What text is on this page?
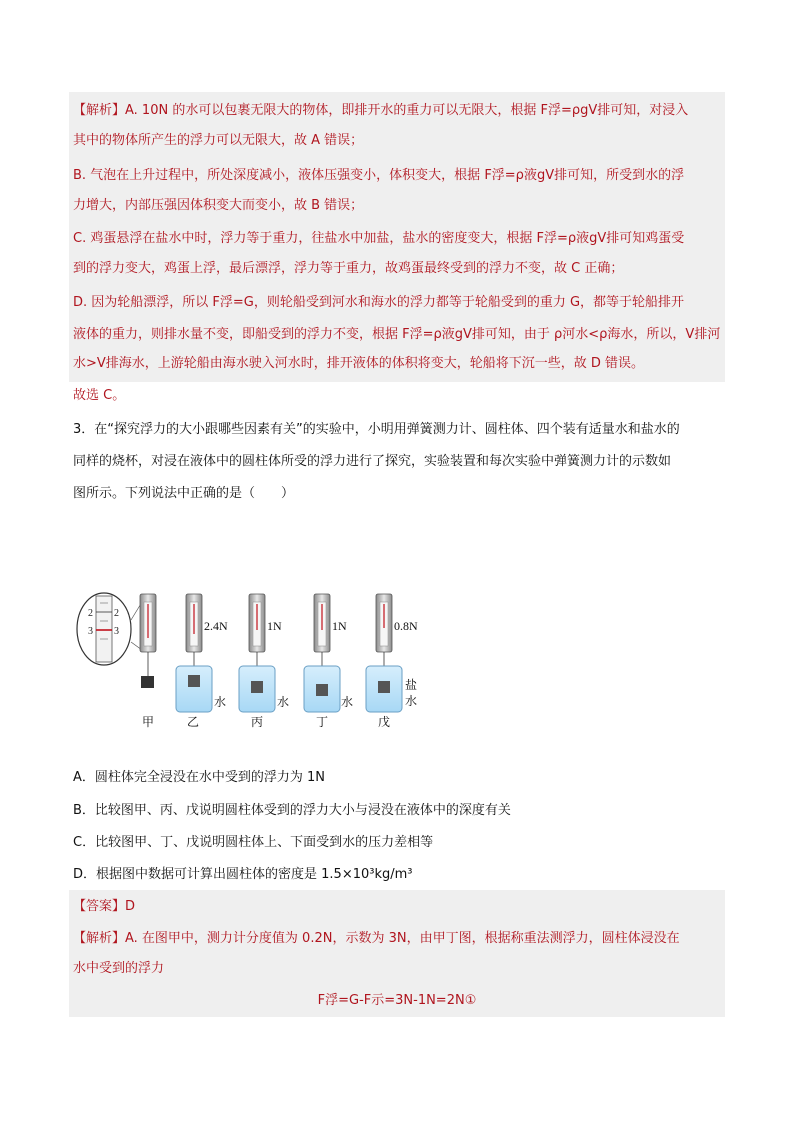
【解析】A. 10N 的水可以包裹无限大的物体，即排开水的重力可以无限大，根据 F浮=ρgV排可知，对浸入
其中的物体所产生的浮力可以无限大，故 A 错误；
B. 气泡在上升过程中，所处深度减小，液体压强变小，体积变大，根据 F浮=ρ液gV排可知，所受到水的浮
力增大，内部压强因体积变大而变小，故 B 错误；
C. 鸡蛋悬浮在盐水中时，浮力等于重力，往盐水中加盐，盐水的密度变大，根据 F浮=ρ液gV排可知鸡蛋受
到的浮力变大，鸡蛋上浮，最后漂浮，浮力等于重力，故鸡蛋最终受到的浮力不变，故 C 正确；
D. 因为轮船漂浮，所以 F浮=G，则轮船受到河水和海水的浮力都等于轮船受到的重力 G，都等于轮船排开
液体的重力，则排水量不变，即船受到的浮力不变，根据 F浮=ρ液gV排可知，由于 ρ河水<ρ海水，所以，V排河
水>V排海水，上游轮船由海水驶入河水时，排开液体的体积将变大，轮船将下沉一些，故 D 错误。
故选 C。
3．在“探究浮力的大小跟哪些因素有关”的实验中，小明用弹簧测力计、圆柱体、四个装有适量水和盐水的
同样的烧杯，对浸在液体中的圆柱体所受的浮力进行了探究，实验装置和每次实验中弹簧测力计的示数如
图所示。下列说法中正确的是（　　）
2
3
2
3	2.4N	1N	1N	0.8N
水	水	水
盐
水
甲	乙	丙	丁	戊
A．圆柱体完全浸没在水中受到的浮力为 1N
B．比较图甲、丙、戊说明圆柱体受到的浮力大小与浸没在液体中的深度有关
C．比较图甲、丁、戊说明圆柱体上、下面受到水的压力差相等
D．根据图中数据可计算出圆柱体的密度是 1.5×10³kg/m³
【答案】D
【解析】A. 在图甲中，测力计分度值为 0.2N，示数为 3N，由甲丁图，根据称重法测浮力，圆柱体浸没在
水中受到的浮力
F浮=G-F示=3N-1N=2N①
